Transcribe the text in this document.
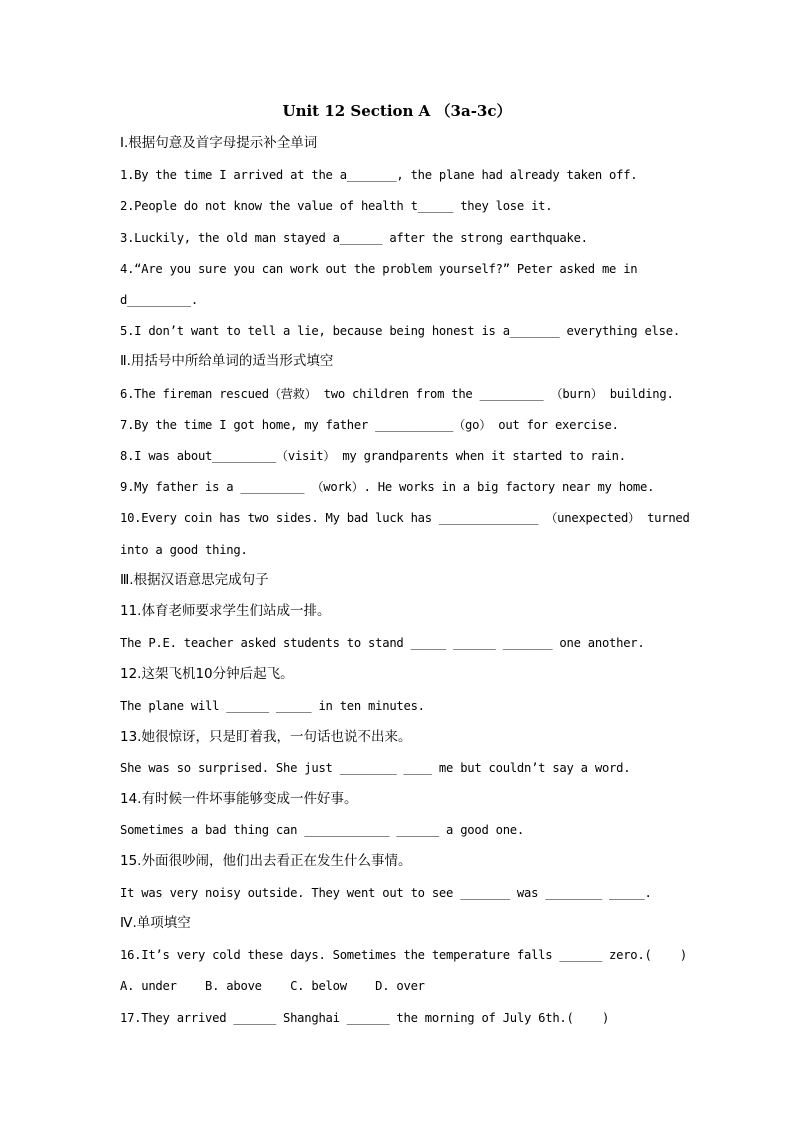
Unit 12 Section A （3a-3c）
Ⅰ.根据句意及首字母提示补全单词
1.By the time I arrived at the a_______, the plane had already taken off.
2.People do not know the value of health t_____ they lose it.
3.Luckily, the old man stayed a______ after the strong earthquake.
4.“Are you sure you can work out the problem yourself?” Peter asked me in
d_________.
5.I don’t want to tell a lie, because being honest is a_______ everything else.
Ⅱ.用括号中所给单词的适当形式填空
6.The fireman rescued（营救） two children from the _________ （burn） building.
7.By the time I got home, my father ___________（go） out for exercise.
8.I was about_________（visit） my grandparents when it started to rain.
9.My father is a _________ （work）. He works in a big factory near my home.
10.Every coin has two sides. My bad luck has ______________ （unexpected） turned
into a good thing.
Ⅲ.根据汉语意思完成句子
11.体育老师要求学生们站成一排。
The P.E. teacher asked students to stand _____ ______ _______ one another.
12.这架飞机10分钟后起飞。
The plane will ______ _____ in ten minutes.
13.她很惊讶，只是盯着我，一句话也说不出来。
She was so surprised. She just ________ ____ me but couldn’t say a word.
14.有时候一件坏事能够变成一件好事。
Sometimes a bad thing can ____________ ______ a good one.
15.外面很吵闹，他们出去看正在发生什么事情。
It was very noisy outside. They went out to see _______ was ________ _____.
Ⅳ.单项填空
16.It’s very cold these days. Sometimes the temperature falls ______ zero.(    )
A. under    B. above    C. below    D. over
17.They arrived ______ Shanghai ______ the morning of July 6th.(    )
